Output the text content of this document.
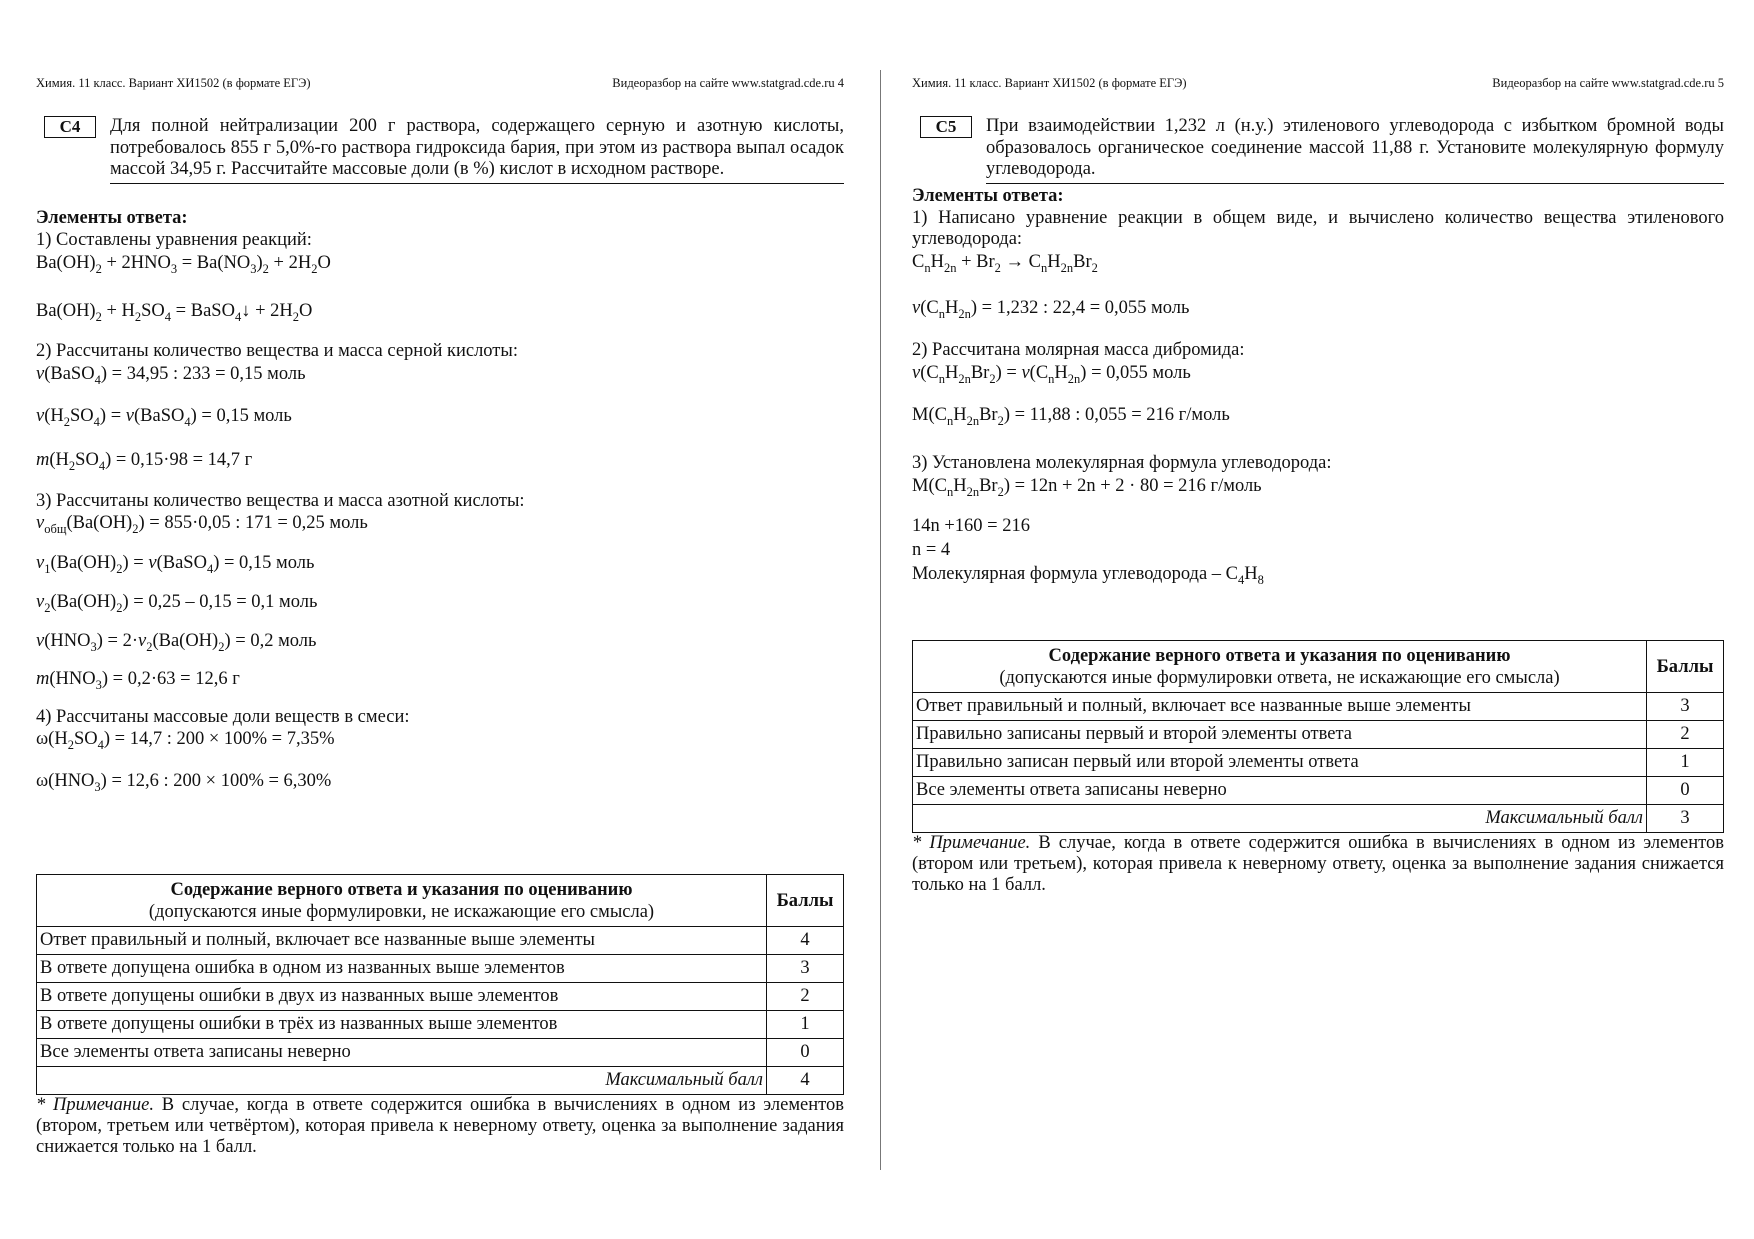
Химия. 11 класс. Вариант ХИ1502 (в формате ЕГЭ)	Видеоразбор на сайте www.statgrad.cde.ru 4
С4	Для полной нейтрализации 200 г раствора, содержащего серную и азотную кислоты, потребовалось 855 г 5,0%-го раствора гидроксида бария, при этом из раствора выпал осадок массой 34,95 г. Рассчитайте массовые доли (в %) кислот в исходном растворе.

Элементы ответа:

1) Составлены уравнения реакций:

$Ba(OH)_2 + 2HNO_3 = Ba(NO_3)_2 + 2H_2O$

$Ba(OH)_2 + H_2SO_4$ = BaSO$_4$↓ + $2H_2O$

2) Рассчитаны количество вещества и масса серной кислоты:

ν(BaSO$_4$) = 34,95 : 233 = 0,15 моль

$\nu(H_2SO_4)$ = ν(BaSO$_4$) = 0,15 моль

$m(H_2SO_4) = 0,15\cdot 98 = 14,7$ г

3) Рассчитаны количество вещества и масса азотной кислоты:

$\nu_{общ}(Ba(OH)_2) = 855\cdot 0,05$ : 171 = 0,25 моль

$\nu_1(Ba(OH)_2)$ = ν(BaSO$_4$) = 0,15 моль

$\nu_2(Ba(OH)_2) = 0,25 - 0,15 = 0,1$ моль

$\nu(HNO_3) = 2\cdot\nu_2(Ba(OH)_2) = 0,2$ моль

$m(HNO_3) = 0,2\cdot 63 = 12,6$ г

4) Рассчитаны массовые доли веществ в смеси:

$\omega(H_2SO_4) = 14,7$ : 200 × 100% = 7,35%

$\omega(HNO_3) = 12,6$ : 200 × 100% = 6,30%

Содержание верного ответа и указания по оцениванию
(допускаются иные формулировки, не искажающие его смысла)	Баллы
Ответ правильный и полный, включает все названные выше элементы	4
В ответе допущена ошибка в одном из названных выше элементов	3
В ответе допущены ошибки в двух из названных выше элементов	2
В ответе допущены ошибки в трёх из названных выше элементов	1
Все элементы ответа записаны неверно	0
Максимальный балл	4

* Примечание. В случае, когда в ответе содержится ошибка в вычислениях в одном из элементов (втором, третьем или четвёртом), которая привела к неверному ответу, оценка за выполнение задания снижается только на 1 балл.

Химия. 11 класс. Вариант ХИ1502 (в формате ЕГЭ)	Видеоразбор на сайте www.statgrad.cde.ru 5
С5	При взаимодействии 1,232 л (н.у.) этиленового углеводорода с избытком бромной воды образовалось органическое соединение массой 11,88 г. Установите молекулярную формулу углеводорода.

Элементы ответа:

1) Написано уравнение реакции в общем виде, и вычислено количество вещества этиленового углеводорода:

$C_nH_{2n} + Br_2 \to C_nH_{2n}Br_2$

$\nu(C_nH_{2n}) = 1,232$ : 22,4 = 0,055 моль

2) Рассчитана молярная масса дибромида:

$\nu(C_nH_{2n}Br_2) = \nu(C_nH_{2n}) = 0,055$ моль

$M(C_nH_{2n}Br_2) = 11,88$ : 0,055 = 216 г/моль

3) Установлена молекулярная формула углеводорода:

$M(C_nH_{2n}Br_2) = 12n + 2n + 2 \cdot 80 = 216$ г/моль

14n +160 = 216

n = 4

Молекулярная формула углеводорода – $C_4H_8$

Содержание верного ответа и указания по оцениванию
(допускаются иные формулировки ответа, не искажающие его смысла)	Баллы
Ответ правильный и полный, включает все названные выше элементы	3
Правильно записаны первый и второй элементы ответа	2
Правильно записан первый или второй элементы ответа	1
Все элементы ответа записаны неверно	0
Максимальный балл	3

* Примечание. В случае, когда в ответе содержится ошибка в вычислениях в одном из элементов (втором или третьем), которая привела к неверному ответу, оценка за выполнение задания снижается только на 1 балл.
